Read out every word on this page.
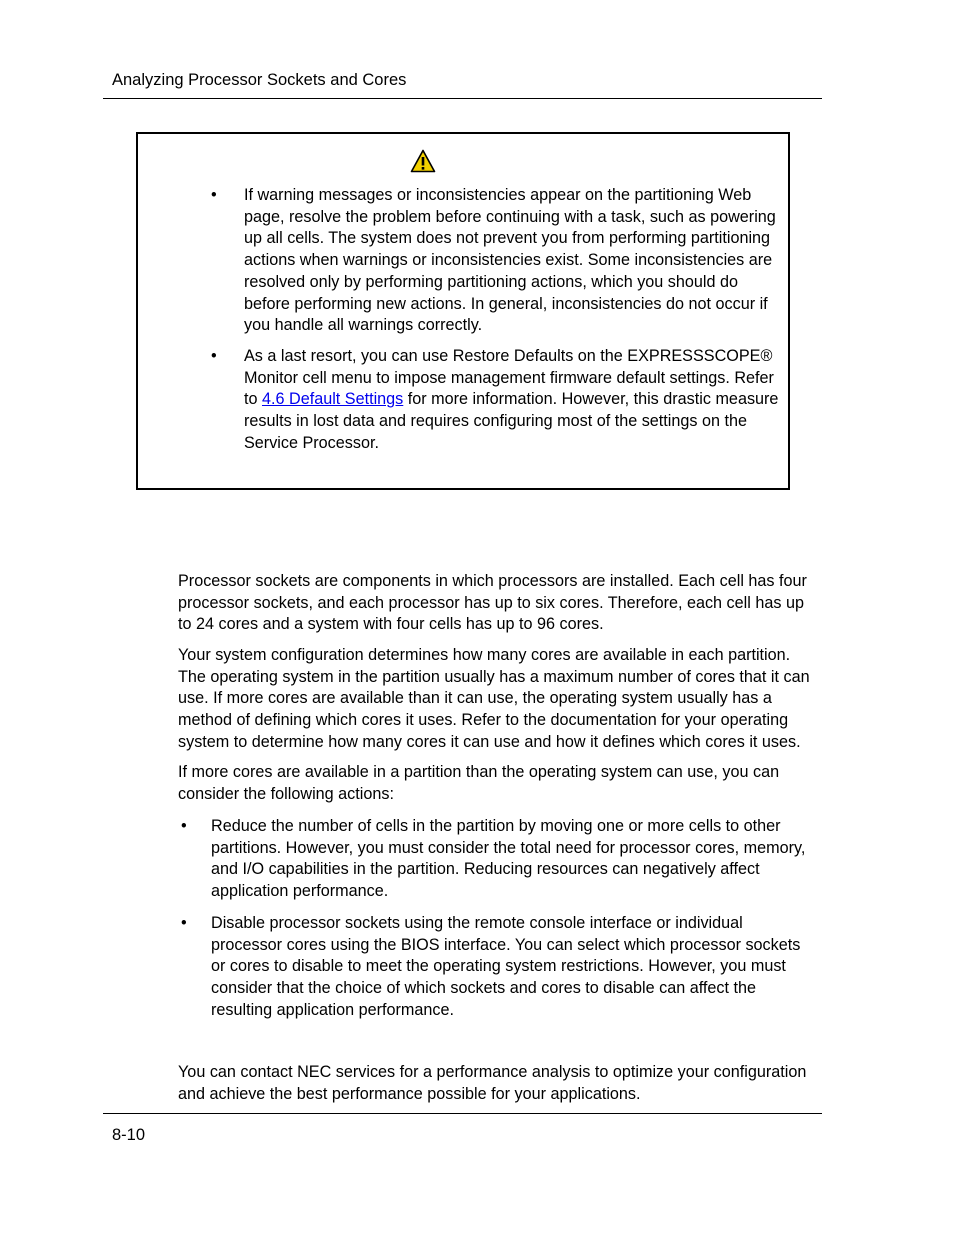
Analyzing Processor Sockets and Cores
• If warning messages or inconsistencies appear on the partitioning Web page, resolve the problem before continuing with a task, such as powering up all cells. The system does not prevent you from performing partitioning actions when warnings or inconsistencies exist. Some inconsistencies are resolved only by performing partitioning actions, which you should do before performing new actions. In general, inconsistencies do not occur if you handle all warnings correctly.
• As a last resort, you can use Restore Defaults on the EXPRESSSCOPE® Monitor cell menu to impose management firmware default settings. Refer to 4.6 Default Settings for more information. However, this drastic measure results in lost data and requires configuring most of the settings on the Service Processor.

Processor sockets are components in which processors are installed. Each cell has four processor sockets, and each processor has up to six cores. Therefore, each cell has up to 24 cores and a system with four cells has up to 96 cores.

Your system configuration determines how many cores are available in each partition. The operating system in the partition usually has a maximum number of cores that it can use. If more cores are available than it can use, the operating system usually has a method of defining which cores it uses. Refer to the documentation for your operating system to determine how many cores it can use and how it defines which cores it uses.

If more cores are available in a partition than the operating system can use, you can consider the following actions:

• Reduce the number of cells in the partition by moving one or more cells to other partitions. However, you must consider the total need for processor cores, memory, and I/O capabilities in the partition. Reducing resources can negatively affect application performance.
• Disable processor sockets using the remote console interface or individual processor cores using the BIOS interface. You can select which processor sockets or cores to disable to meet the operating system restrictions. However, you must consider that the choice of which sockets and cores to disable can affect the resulting application performance.

You can contact NEC services for a performance analysis to optimize your configuration and achieve the best performance possible for your applications.

8-10
